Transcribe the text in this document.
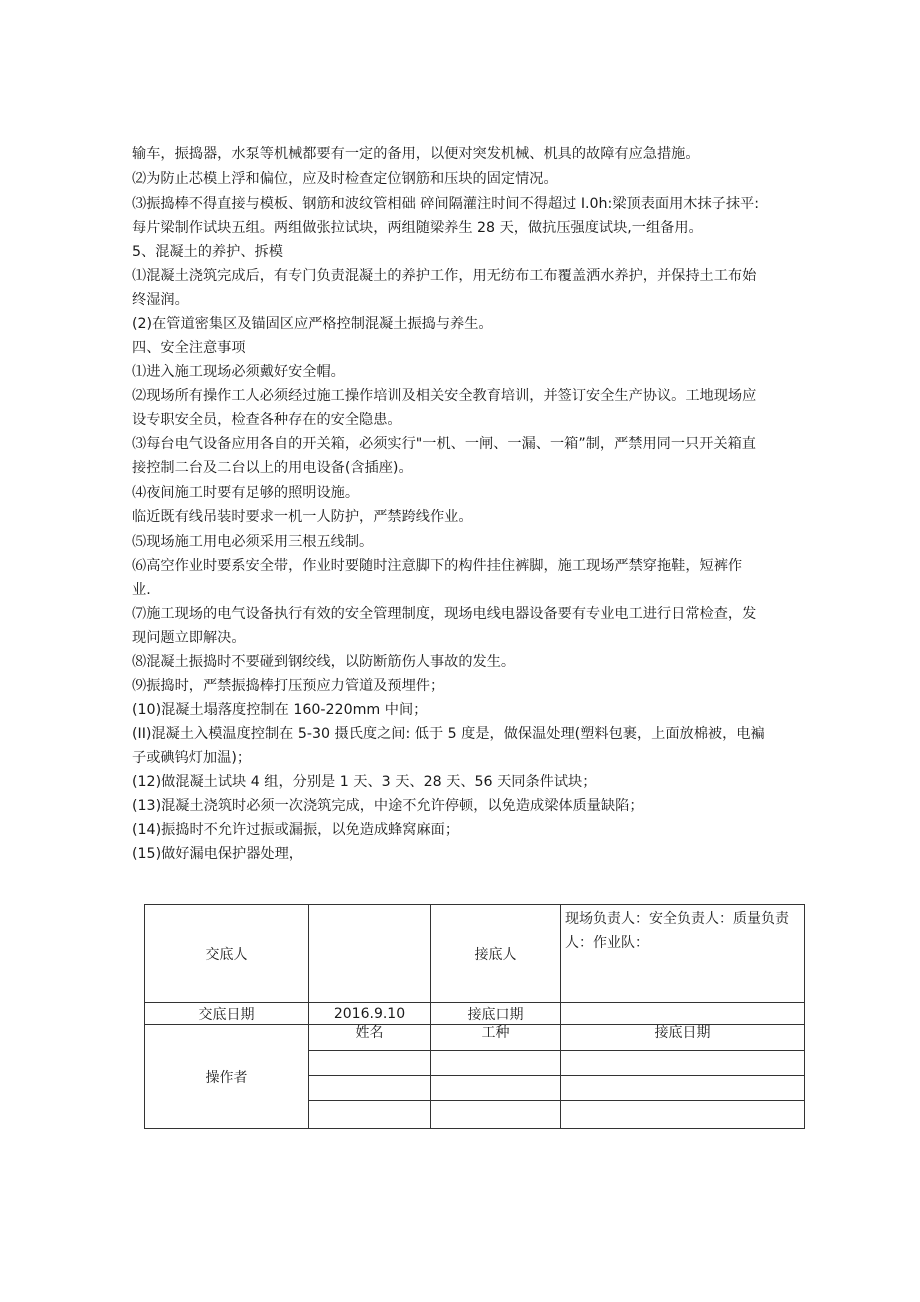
输车，振捣器，水泵等机械都要有一定的备用，以便对突发机械、机具的故障有应急措施。
⑵为防止芯模上浮和偏位，应及时检查定位钢筋和压块的固定情况。
⑶振捣棒不得直接与模板、钢筋和波纹管相础 碎间隔灌注时间不得超过 I.0h:梁顶表面用木抹子抹平:
每片梁制作试块五组。两组做张拉试块，两组随梁养生 28 天，做抗压强度试块,一组备用。
5、混凝土的养护、拆模
⑴混凝土浇筑完成后，有专门负责混凝土的养护工作，用无纺布工布覆盖洒水养护，并保持土工布始
终湿润。
(2)在管道密集区及锚固区应严格控制混凝土振捣与养生。
四、安全注意事项
⑴进入施工现场必须戴好安全帽。
⑵现场所有操作工人必须经过施工操作培训及相关安全教育培训，并签订安全生产协议。工地现场应
设专职安全员，检查各种存在的安全隐患。
⑶每台电气设备应用各自的开关箱，必须实行"一机、一闸、一漏、一箱”制，严禁用同一只开关箱直
接控制二台及二台以上的用电设备(含插座)。
⑷夜间施工时要有足够的照明设施。
临近既有线吊装时要求一机一人防护，严禁跨线作业。
⑸现场施工用电必须采用三根五线制。
⑹高空作业时要系安全带，作业时要随时注意脚下的构件挂住裤脚，施工现场严禁穿拖鞋，短裤作
业.
⑺施工现场的电气设备执行有效的安全管理制度，现场电线电器设备要有专业电工进行日常检查，发
现问题立即解决。
⑻混凝土振捣时不要碰到钢绞线，以防断筋伤人事故的发生。
⑼振捣时，严禁振捣棒打压预应力管道及预埋件；
(10)混凝土塌落度控制在 160-220mm 中间；
(II)混凝土入模温度控制在 5-30 摄氏度之间: 低于 5 度是，做保温处理(塑料包裹，上面放棉被，电褊
子或碘钨灯加温)；
(12)做混凝土试块 4 组，分别是 1 天、3 天、28 天、56 天同条件试块；
(13)混凝土浇筑时必须一次浇筑完成，中途不允许停顿，以免造成梁体质量缺陷；
(14)振捣时不允许过振或漏振，以免造成蜂窝麻面；
(15)做好漏电保护器处理，
交底人		接底人	现场负责人：安全负责人：质量负责人：作业队：
交底日期	2016.9.10	接底口期	
操作者	姓名	工种	接底日期
